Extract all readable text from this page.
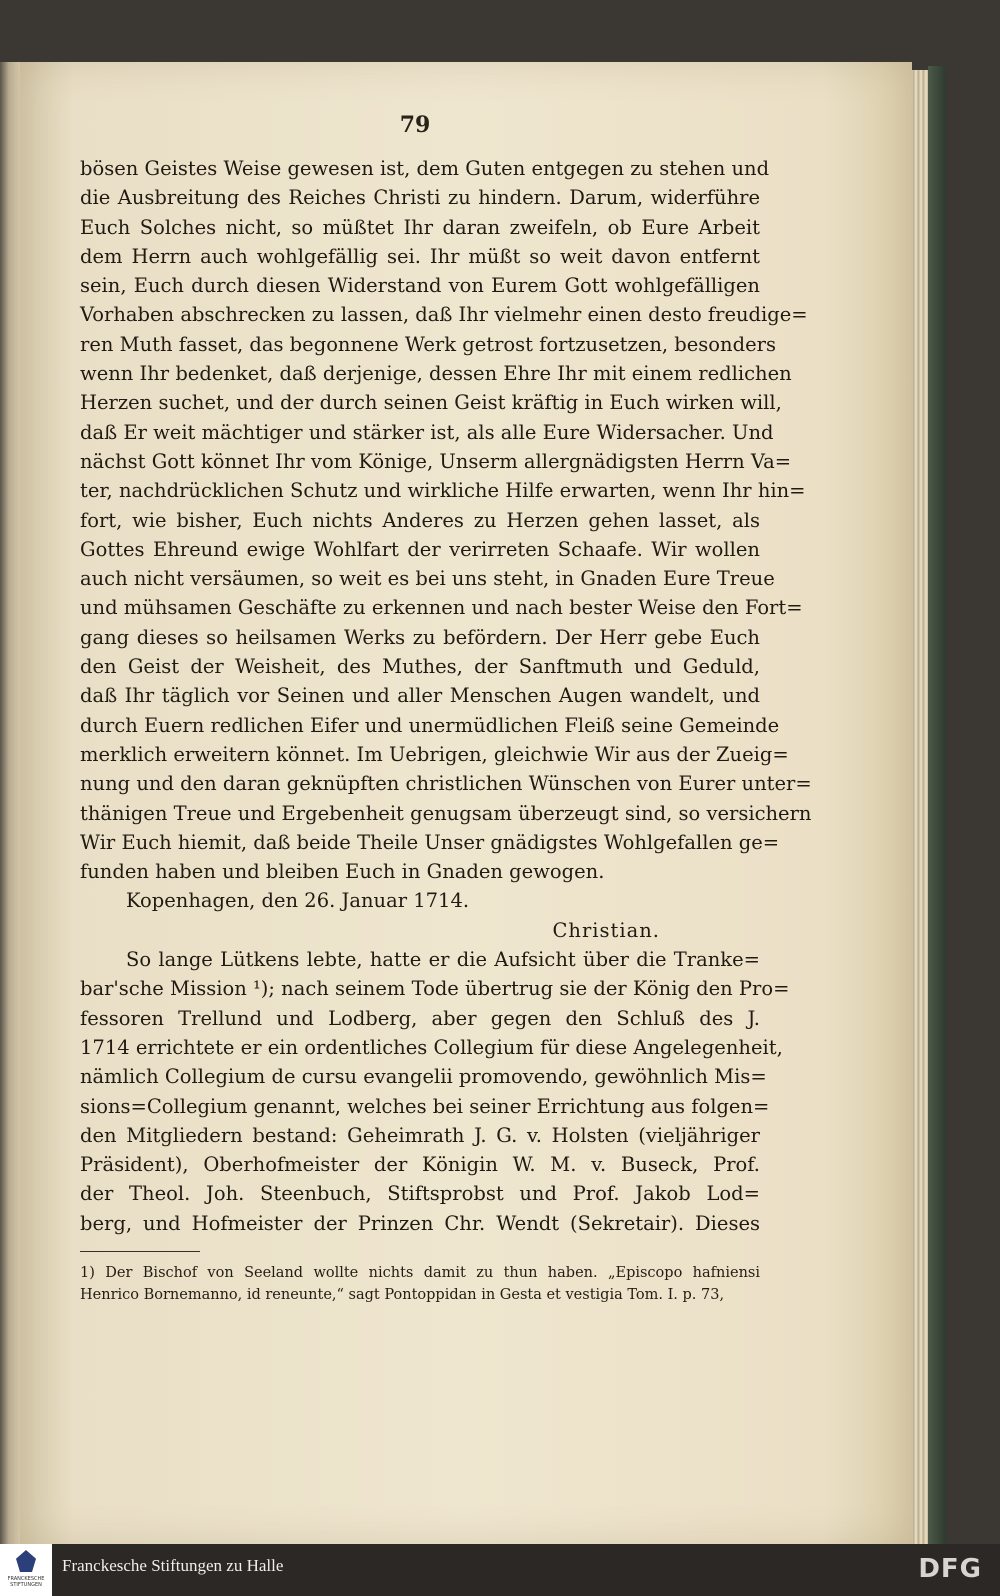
79
bösen Geistes Weise gewesen ist, dem Guten entgegen zu stehen und
die Ausbreitung des Reiches Christi zu hindern. Darum, widerführe
Euch Solches nicht, so müßtet Ihr daran zweifeln, ob Eure Arbeit
dem Herrn auch wohlgefällig sei. Ihr müßt so weit davon entfernt
sein, Euch durch diesen Widerstand von Eurem Gott wohlgefälligen
Vorhaben abschrecken zu lassen, daß Ihr vielmehr einen desto freudige=
ren Muth fasset, das begonnene Werk getrost fortzusetzen, besonders
wenn Ihr bedenket, daß derjenige, dessen Ehre Ihr mit einem redlichen
Herzen suchet, und der durch seinen Geist kräftig in Euch wirken will,
daß Er weit mächtiger und stärker ist, als alle Eure Widersacher. Und
nächst Gott könnet Ihr vom Könige, Unserm allergnädigsten Herrn Va=
ter, nachdrücklichen Schutz und wirkliche Hilfe erwarten, wenn Ihr hin=
fort, wie bisher, Euch nichts Anderes zu Herzen gehen lasset, als
Gottes Ehreund ewige Wohlfart der verirreten Schaafe. Wir wollen
auch nicht versäumen, so weit es bei uns steht, in Gnaden Eure Treue
und mühsamen Geschäfte zu erkennen und nach bester Weise den Fort=
gang dieses so heilsamen Werks zu befördern. Der Herr gebe Euch
den Geist der Weisheit, des Muthes, der Sanftmuth und Geduld,
daß Ihr täglich vor Seinen und aller Menschen Augen wandelt, und
durch Euern redlichen Eifer und unermüdlichen Fleiß seine Gemeinde
merklich erweitern könnet. Im Uebrigen, gleichwie Wir aus der Zueig=
nung und den daran geknüpften christlichen Wünschen von Eurer unter=
thänigen Treue und Ergebenheit genugsam überzeugt sind, so versichern
Wir Euch hiemit, daß beide Theile Unser gnädigstes Wohlgefallen ge=
funden haben und bleiben Euch in Gnaden gewogen.
Kopenhagen, den 26. Januar 1714.
Christian.
So lange Lütkens lebte, hatte er die Aufsicht über die Tranke=
bar'sche Mission ¹); nach seinem Tode übertrug sie der König den Pro=
fessoren Trellund und Lodberg, aber gegen den Schluß des J.
1714 errichtete er ein ordentliches Collegium für diese Angelegenheit,
nämlich Collegium de cursu evangelii promovendo, gewöhnlich Mis=
sions=Collegium genannt, welches bei seiner Errichtung aus folgen=
den Mitgliedern bestand: Geheimrath J. G. v. Holsten (vieljähriger
Präsident), Oberhofmeister der Königin W. M. v. Buseck, Prof.
der Theol. Joh. Steenbuch, Stiftsprobst und Prof. Jakob Lod=
berg, und Hofmeister der Prinzen Chr. Wendt (Sekretair). Dieses
1) Der Bischof von Seeland wollte nichts damit zu thun haben. „Episcopo hafniensi
Henrico Bornemanno, id reneunte,“ sagt Pontoppidan in Gesta et vestigia Tom. I. p. 73,
FRANCKESCHE STIFTUNGEN
Franckesche Stiftungen zu Halle	DFG
